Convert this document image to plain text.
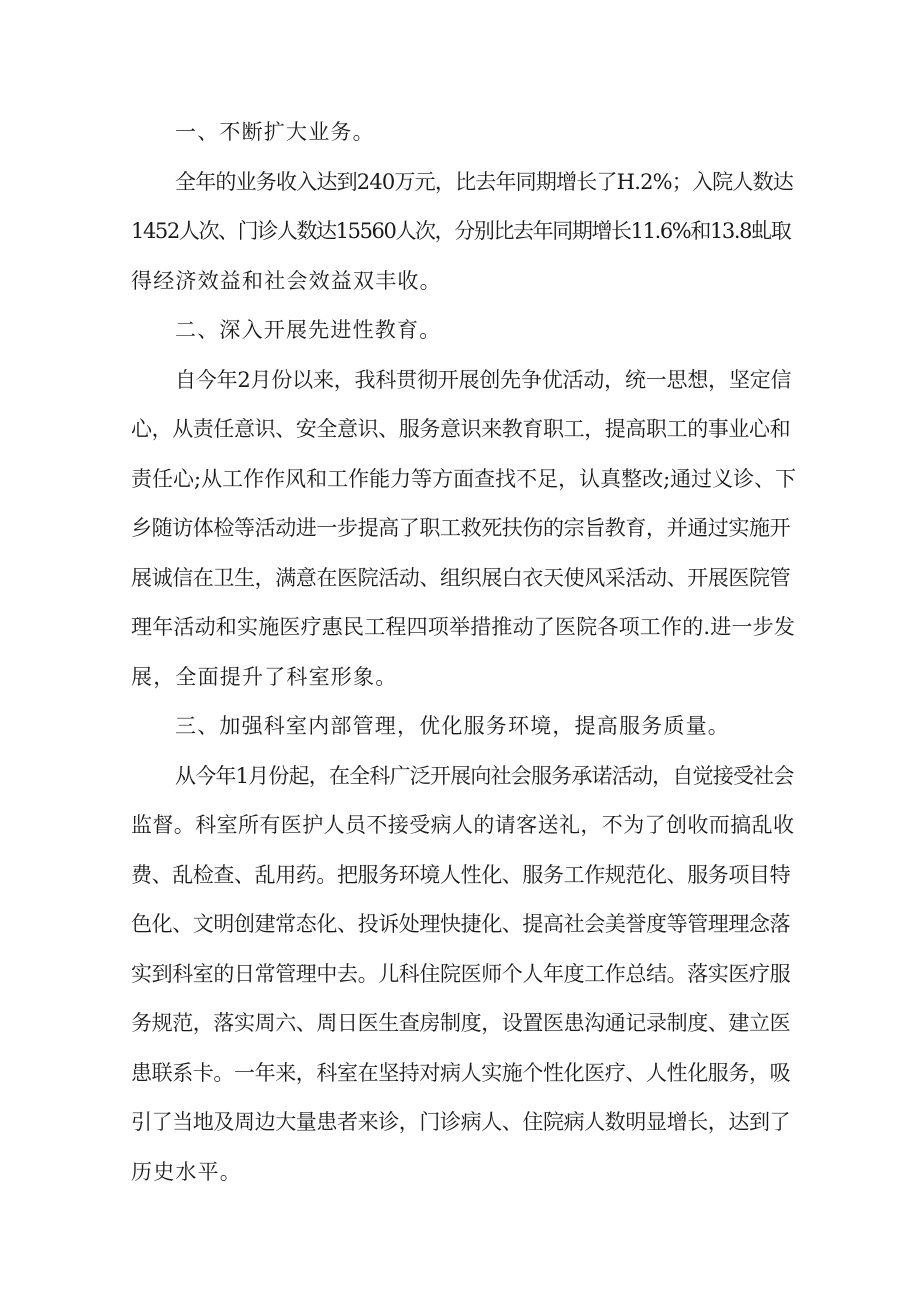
一、不断扩大业务。

全年的业务收入达到240万元，比去年同期增长了H.2%；入院人数达
1452人次、门诊人数达15560人次，分别比去年同期增长11.6%和13.8虬取
得经济效益和社会效益双丰收。

二、深入开展先进性教育。

自今年2月份以来，我科贯彻开展创先争优活动，统一思想，坚定信
心，从责任意识、安全意识、服务意识来教育职工，提高职工的事业心和
责任心;从工作作风和工作能力等方面查找不足，认真整改;通过义诊、下
乡随访体检等活动进一步提高了职工救死扶伤的宗旨教育，并通过实施开
展诚信在卫生，满意在医院活动、组织展白衣天使风采活动、开展医院管
理年活动和实施医疗惠民工程四项举措推动了医院各项工作的.进一步发
展，全面提升了科室形象。

三、加强科室内部管理，优化服务环境，提高服务质量。

从今年1月份起，在全科广泛开展向社会服务承诺活动，自觉接受社会
监督。科室所有医护人员不接受病人的请客送礼，不为了创收而搞乱收
费、乱检查、乱用药。把服务环境人性化、服务工作规范化、服务项目特
色化、文明创建常态化、投诉处理快捷化、提高社会美誉度等管理理念落
实到科室的日常管理中去。儿科住院医师个人年度工作总结。落实医疗服
务规范，落实周六、周日医生查房制度，设置医患沟通记录制度、建立医
患联系卡。一年来，科室在坚持对病人实施个性化医疗、人性化服务，吸
引了当地及周边大量患者来诊，门诊病人、住院病人数明显增长，达到了
历史水平。
